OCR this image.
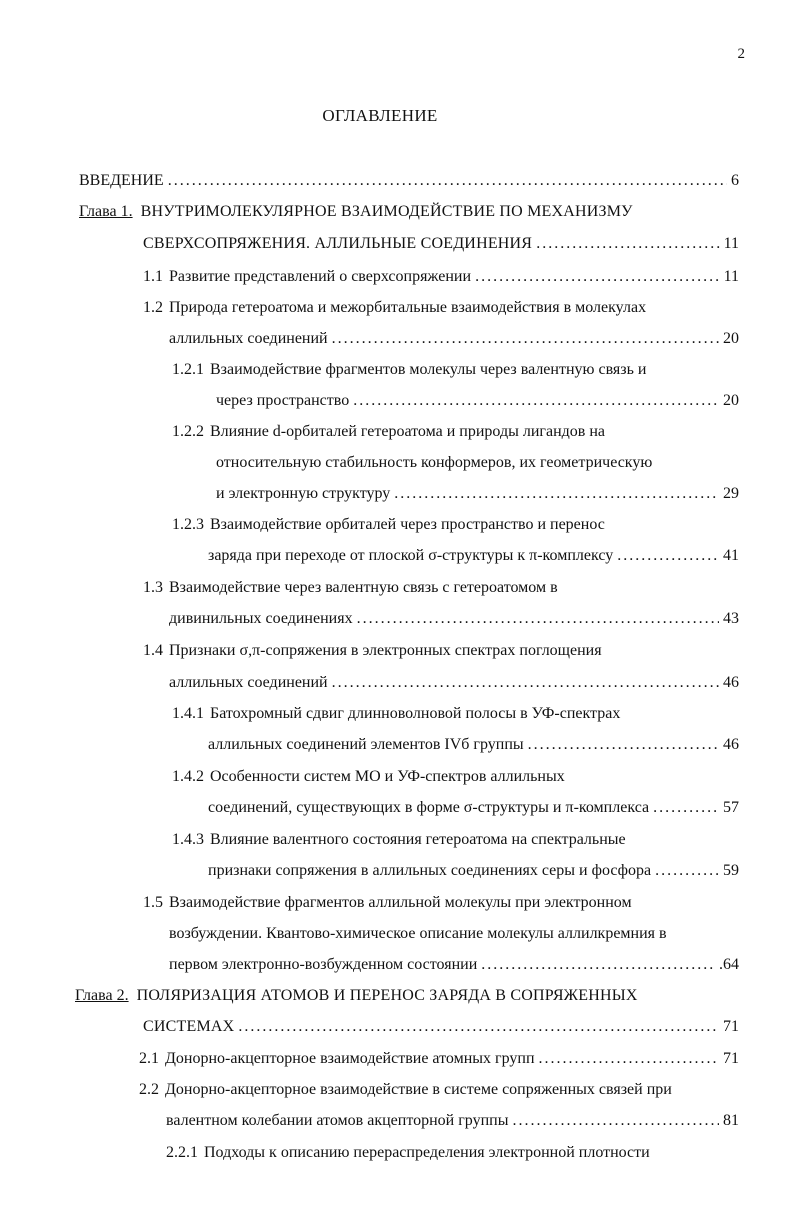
2
ОГЛАВЛЕНИЕ
ВВЕДЕНИЕ .....	6
Глава 1. ВНУТРИМОЛЕКУЛЯРНОЕ ВЗАИМОДЕЙСТВИЕ ПО МЕХАНИЗМУ
СВЕРХСОПРЯЖЕНИЯ. АЛЛИЛЬНЫЕ СОЕДИНЕНИЯ .....	11
1.1 Развитие представлений о сверхсопряжении .....	11
1.2 Природа гетероатома и межорбитальные взаимодействия в молекулах
аллильных соединений .....	20
1.2.1 Взаимодействие фрагментов молекулы через валентную связь и
через пространство .....	20
1.2.2 Влияние d-орбиталей гетероатома и природы лигандов на
относительную стабильность конформеров, их геометрическую
и электронную структуру .....	29
1.2.3 Взаимодействие орбиталей через пространство и перенос
заряда при переходе от плоской σ-структуры к π-комплексу .....	41
1.3 Взаимодействие через валентную связь с гетероатомом в
дивинильных соединениях .....	43
1.4 Признаки σ,π-сопряжения в электронных спектрах поглощения
аллильных соединений .....	46
1.4.1 Батохромный сдвиг длинноволновой полосы в УФ-спектрах
аллильных соединений элементов IVб группы .....	46
1.4.2 Особенности систем МО и УФ-спектров аллильных
соединений, существующих в форме σ-структуры и π-комплекса .....	57
1.4.3 Влияние валентного состояния гетероатома на спектральные
признаки сопряжения в аллильных соединениях серы и фосфора .....	59
1.5 Взаимодействие фрагментов аллильной молекулы при электронном
возбуждении. Квантово-химическое описание молекулы аллилкремния в
первом электронно-возбужденном состоянии .....	.64
Глава 2. ПОЛЯРИЗАЦИЯ АТОМОВ И ПЕРЕНОС ЗАРЯДА В СОПРЯЖЕННЫХ
СИСТЕМАХ .....	71
2.1 Донорно-акцепторное взаимодействие атомных групп .....	71
2.2 Донорно-акцепторное взаимодействие в системе сопряженных связей при
валентном колебании атомов акцепторной группы .....	81
2.2.1 Подходы к описанию перераспределения электронной плотности
